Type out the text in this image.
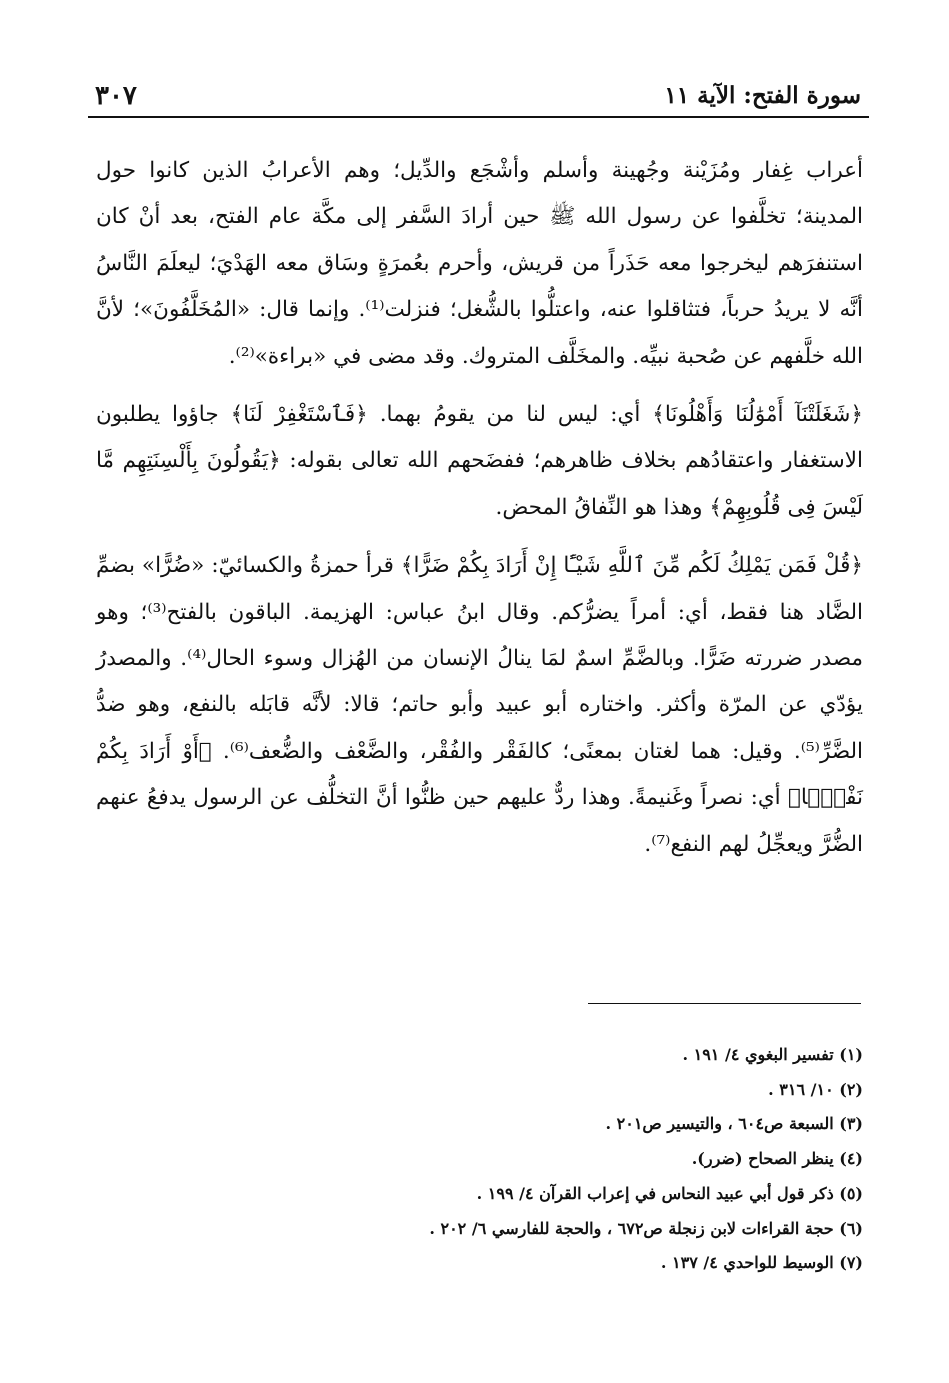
سورة الفتح: الآية ١١
٣٠٧

أعراب غِفار ومُزَيْنة وجُهينة وأسلم وأشْجَع والدِّيل؛ وهم الأعرابُ الذين كانوا حول المدينة؛ تخلَّفوا عن رسول الله ﷺ حين أرادَ السَّفر إلى مكَّة عام الفتح، بعد أنْ كان استنفرَهم ليخرجوا معه حَذَراً من قريش، وأحرم بعُمرَةٍ وسَاق معه الهَدْيَ؛ ليعلَمَ النَّاسُ أنَّه لا يريدُ حرباً، فتثاقلوا عنه، واعتلُّوا بالشُّغل؛ فنزلت⁽¹⁾. وإنما قال: «المُخَلَّفُونَ»؛ لأنَّ الله خلَّفهم عن صُحبة نبيِّه. والمخَلَّف المتروك. وقد مضى في «براءة»⁽²⁾.

﴿شَغَلَتْنَآ أَمْوَٰلُنَا وَأَهْلُونَا﴾ أي: ليس لنا من يقومُ بهما. ﴿فَٱسْتَغْفِرْ لَنَا﴾ جاؤوا يطلبون الاستغفار واعتقادُهم بخلاف ظاهرهم؛ ففضَحهم الله تعالى بقوله: ﴿يَقُولُونَ بِأَلْسِنَتِهِم مَّا لَيْسَ فِى قُلُوبِهِمْ﴾ وهذا هو النِّفاقُ المحض.

﴿قُلْ فَمَن يَمْلِكُ لَكُم مِّنَ ٱللَّهِ شَيْـًٔا إِنْ أَرَادَ بِكُمْ ضَرًّا﴾ قرأ حمزةُ والكسائيّ: «ضُرًّا» بضمِّ الضَّاد هنا فقط، أي: أمراً يضرُّكم. وقال ابنُ عباس: الهزيمة. الباقون بالفتح⁽³⁾؛ وهو مصدر ضررته ضَرًّا. وبالضَّمِّ اسمٌ لمَا ينالُ الإنسان من الهُزال وسوء الحال⁽⁴⁾. والمصدرُ يؤدّي عن المرّة وأكثر. واختاره أبو عبيد وأبو حاتم؛ قالا: لأنَّه قابَله بالنفع، وهو ضدُّ الضَّرِّ⁽⁵⁾. وقيل: هما لغتان بمعنًى؛ كالفَقْر والفُقْر، والضَّعْف والضُّعف⁽⁶⁾. ﴿أَوْ أَرَادَ بِكُمْ نَفْعًۢا﴾ أي: نصراً وغَنيمةً. وهذا ردٌّ عليهم حين ظنُّوا أنَّ التخلُّف عن الرسول يدفعُ عنهم الضُّرَّ ويعجِّلُ لهم النفع⁽⁷⁾.

(١) تفسير البغوي ٤/ ١٩١ .
(٢) ١٠/ ٣١٦ .
(٣) السبعة ص٦٠٤ ، والتيسير ص٢٠١ .
(٤) ينظر الصحاح (ضرر).
(٥) ذكر قول أبي عبيد النحاس في إعراب القرآن ٤/ ١٩٩ .
(٦) حجة القراءات لابن زنجلة ص٦٧٢ ، والحجة للفارسي ٦/ ٢٠٢ .
(٧) الوسيط للواحدي ٤/ ١٣٧ .
